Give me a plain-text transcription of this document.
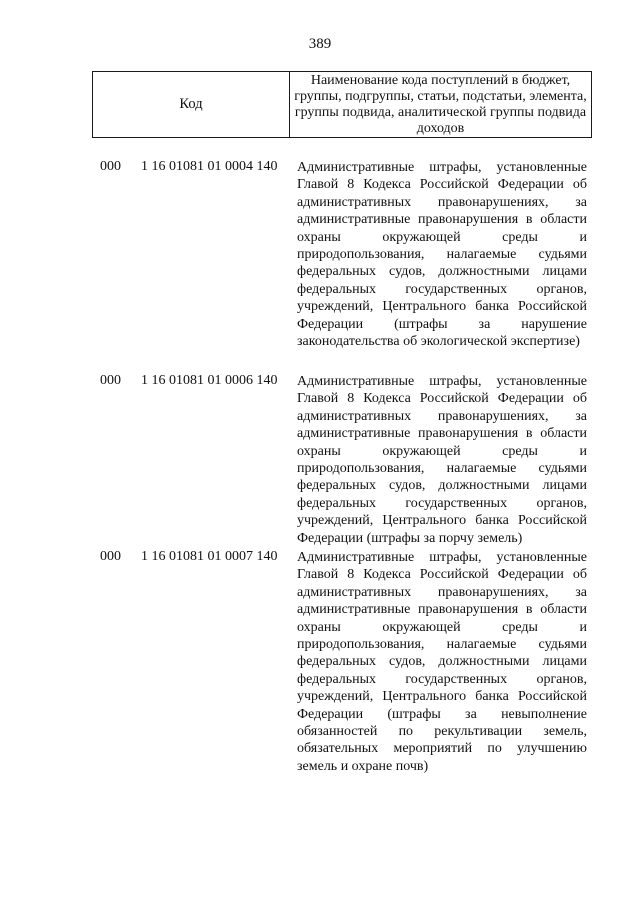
389
Код
Наименование кода поступлений в бюджет, группы, подгруппы, статьи, подстатьи, элемента, группы подвида, аналитической группы подвида доходов
000 1 16 01081 01 0004 140 Административные штрафы, установленные Главой 8 Кодекса Российской Федерации об административных правонарушениях, за административные правонарушения в области охраны окружающей среды и природопользования, налагаемые судьями федеральных судов, должностными лицами федеральных государственных органов, учреждений, Центрального банка Российской Федерации (штрафы за нарушение законодательства об экологической экспертизе)
000 1 16 01081 01 0006 140 Административные штрафы, установленные Главой 8 Кодекса Российской Федерации об административных правонарушениях, за административные правонарушения в области охраны окружающей среды и природопользования, налагаемые судьями федеральных судов, должностными лицами федеральных государственных органов, учреждений, Центрального банка Российской Федерации (штрафы за порчу земель)
000 1 16 01081 01 0007 140 Административные штрафы, установленные Главой 8 Кодекса Российской Федерации об административных правонарушениях, за административные правонарушения в области охраны окружающей среды и природопользования, налагаемые судьями федеральных судов, должностными лицами федеральных государственных органов, учреждений, Центрального банка Российской Федерации (штрафы за невыполнение обязанностей по рекультивации земель, обязательных мероприятий по улучшению земель и охране почв)
